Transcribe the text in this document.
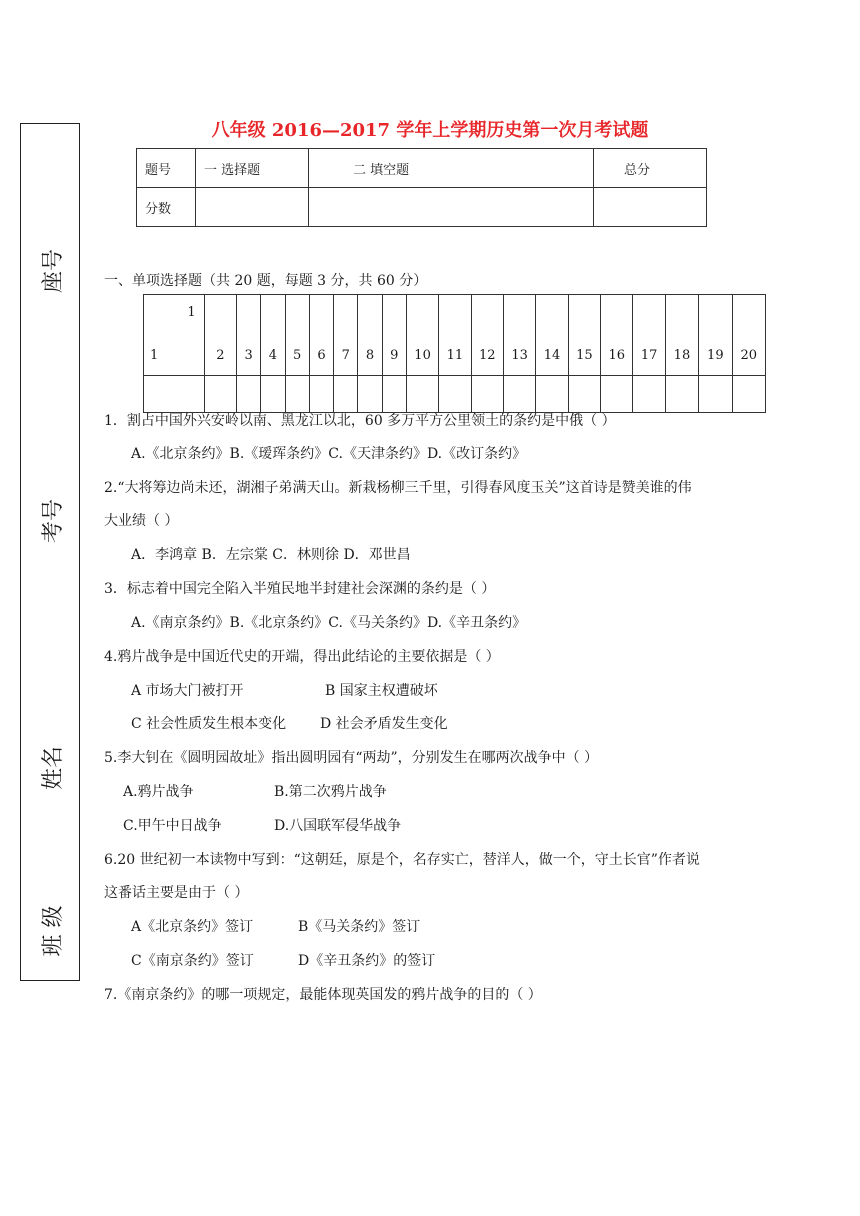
座号
考号
姓名
班 级
八年级 2016—2017 学年上学期历史第一次月考试题
题号	一 选择题	二 填空题	总分
分数			
一、单项选择题（共 20 题，每题 3 分，共 60 分）
1
1	2	3	4	5	6	7	8	9	10	11	12	13	14	15	16	17	18	19	20

1．割占中国外兴安岭以南、黑龙江以北，60 多万平方公里领土的条约是中俄（ ）
A.《北京条约》B.《瑷珲条约》C.《天津条约》D.《改订条约》
2.“大将筹边尚未还，湖湘子弟满天山。新栽杨柳三千里，引得春风度玉关”这首诗是赞美谁的伟
大业绩（ ）
A．李鸿章 B．左宗棠 C．林则徐 D．邓世昌
3．标志着中国完全陷入半殖民地半封建社会深渊的条约是（ ）
A.《南京条约》B.《北京条约》C.《马关条约》D.《辛丑条约》
4.鸦片战争是中国近代史的开端，得出此结论的主要依据是（ ）
A 市场大门被打开	B 国家主权遭破坏
C 社会性质发生根本变化 D 社会矛盾发生变化
5.李大钊在《圆明园故址》指出圆明园有“两劫”，分别发生在哪两次战争中（ ）
A.鸦片战争	B.第二次鸦片战争
C.甲午中日战争	D.八国联军侵华战争
6.20 世纪初一本读物中写到：“这朝廷，原是个，名存实亡，替洋人，做一个，守土长官”作者说
这番话主要是由于（ ）
A《北京条约》签订	B《马关条约》签订
C《南京条约》签订	D《辛丑条约》的签订
7.《南京条约》的哪一项规定，最能体现英国发的鸦片战争的目的（ ）
